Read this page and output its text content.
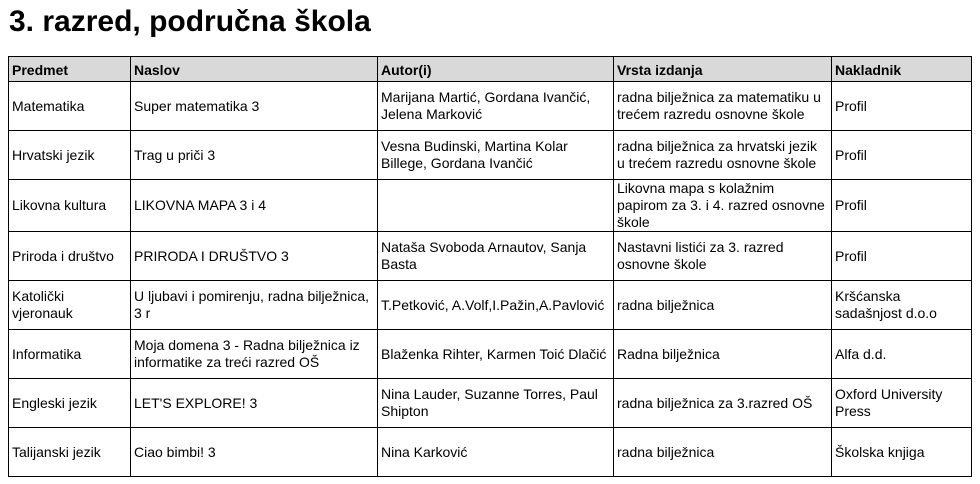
3. razred, područna škola
Predmet	Naslov	Autor(i)	Vrsta izdanja	Nakladnik
Matematika	Super matematika 3	Marijana Martić, Gordana Ivančić, Jelena Marković	radna bilježnica za matematiku u trećem razredu osnovne škole	Profil
Hrvatski jezik	Trag u priči 3	Vesna Budinski, Martina Kolar Billege, Gordana Ivančić	radna bilježnica za hrvatski jezik u trećem razredu osnovne škole	Profil
Likovna kultura	LIKOVNA MAPA 3 i 4		Likovna mapa s kolažnim papirom za 3. i 4. razred osnovne škole	Profil
Priroda i društvo	PRIRODA I DRUŠTVO 3	Nataša Svoboda Arnautov, Sanja Basta	Nastavni listići za 3. razred osnovne škole	Profil
Katolički vjeronauk	U ljubavi i pomirenju, radna bilježnica, 3 r	T.Petković, A.Volf,I.Pažin,A.Pavlović	radna bilježnica	Kršćanska sadašnjost d.o.o
Informatika	Moja domena 3 - Radna bilježnica iz informatike za treći razred OŠ	Blaženka Rihter, Karmen Toić Dlačić	Radna bilježnica	Alfa d.d.
Engleski jezik	LET'S EXPLORE! 3	Nina Lauder, Suzanne Torres, Paul Shipton	radna bilježnica za 3.razred OŠ	Oxford University Press
Talijanski jezik	Ciao bimbi! 3	Nina Karković	radna bilježnica	Školska knjiga
